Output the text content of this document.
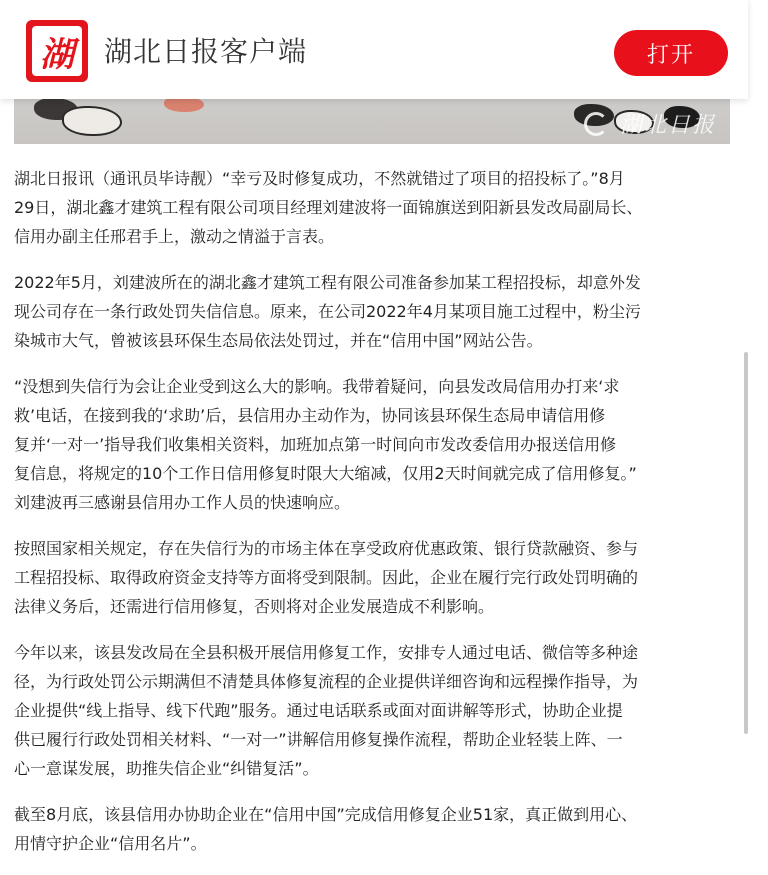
湖北日报
湖 湖北日报客户端	打开

湖北日报讯（通讯员毕诗靓）“幸亏及时修复成功，不然就错过了项目的招投标了。”8月
29日，湖北鑫才建筑工程有限公司项目经理刘建波将一面锦旗送到阳新县发改局副局长、
信用办副主任邢君手上，激动之情溢于言表。

2022年5月，刘建波所在的湖北鑫才建筑工程有限公司准备参加某工程招投标，却意外发
现公司存在一条行政处罚失信信息。原来，在公司2022年4月某项目施工过程中，粉尘污
染城市大气，曾被该县环保生态局依法处罚过，并在“信用中国”网站公告。

“没想到失信行为会让企业受到这么大的影响。我带着疑问，向县发改局信用办打来‘求
救’电话，在接到我的‘求助’后，县信用办主动作为，协同该县环保生态局申请信用修
复并‘一对一’指导我们收集相关资料，加班加点第一时间向市发改委信用办报送信用修
复信息，将规定的10个工作日信用修复时限大大缩减，仅用2天时间就完成了信用修复。”
刘建波再三感谢县信用办工作人员的快速响应。

按照国家相关规定，存在失信行为的市场主体在享受政府优惠政策、银行贷款融资、参与
工程招投标、取得政府资金支持等方面将受到限制。因此，企业在履行完行政处罚明确的
法律义务后，还需进行信用修复，否则将对企业发展造成不利影响。

今年以来，该县发改局在全县积极开展信用修复工作，安排专人通过电话、微信等多种途
径，为行政处罚公示期满但不清楚具体修复流程的企业提供详细咨询和远程操作指导，为
企业提供“线上指导、线下代跑”服务。通过电话联系或面对面讲解等形式，协助企业提
供已履行行政处罚相关材料、“一对一”讲解信用修复操作流程，帮助企业轻装上阵、一
心一意谋发展，助推失信企业“纠错复活”。

截至8月底，该县信用办协助企业在“信用中国”完成信用修复企业51家，真正做到用心、
用情守护企业“信用名片”。
